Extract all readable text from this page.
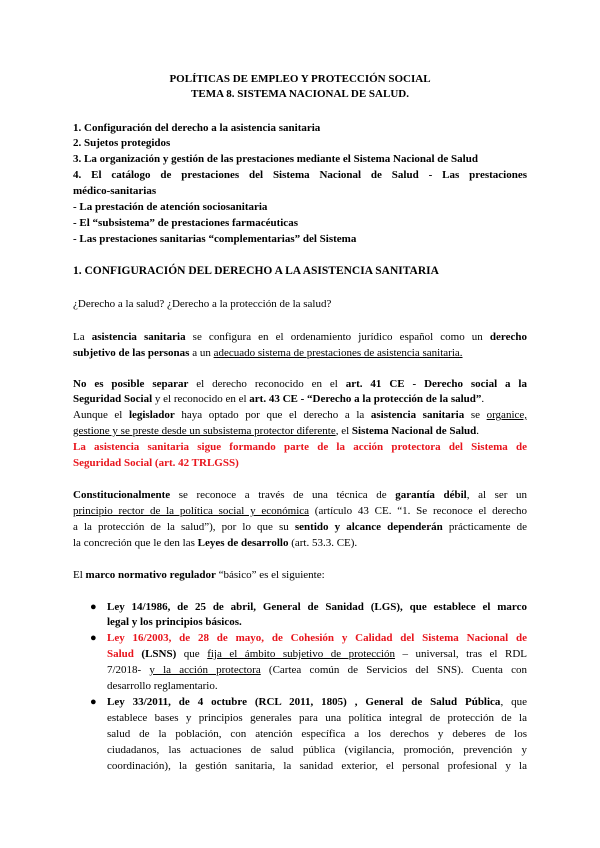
POLÍTICAS DE EMPLEO Y PROTECCIÓN SOCIAL
TEMA 8. SISTEMA NACIONAL DE SALUD.
1. Configuración del derecho a la asistencia sanitaria
2. Sujetos protegidos
3. La organización y gestión de las prestaciones mediante el Sistema Nacional de Salud
4. El catálogo de prestaciones del Sistema Nacional de Salud - Las prestaciones
médico-sanitarias
- La prestación de atención sociosanitaria
- El “subsistema” de prestaciones farmacéuticas
- Las prestaciones sanitarias “complementarias” del Sistema
1. CONFIGURACIÓN DEL DERECHO A LA ASISTENCIA SANITARIA
¿Derecho a la salud? ¿Derecho a la protección de la salud?
La asistencia sanitaria se configura en el ordenamiento jurídico español como un derecho
subjetivo de las personas a un adecuado sistema de prestaciones de asistencia sanitaria.
No es posible separar el derecho reconocido en el art. 41 CE - Derecho social a la
Seguridad Social y el reconocido en el art. 43 CE - “Derecho a la protección de la salud”.
Aunque el legislador haya optado por que el derecho a la asistencia sanitaria se organice,
gestione y se preste desde un subsistema protector diferente, el Sistema Nacional de Salud.
La asistencia sanitaria sigue formando parte de la acción protectora del Sistema de
Seguridad Social (art. 42 TRLGSS)
Constitucionalmente se reconoce a través de una técnica de garantía débil, al ser un
principio rector de la política social y económica (artículo 43 CE. “1. Se reconoce el derecho
a la protección de la salud”), por lo que su sentido y alcance dependerán prácticamente de
la concreción que le den las Leyes de desarrollo (art. 53.3. CE).
El marco normativo regulador “básico” es el siguiente:
● Ley 14/1986, de 25 de abril, General de Sanidad (LGS), que establece el marco
legal y los principios básicos.
● Ley 16/2003, de 28 de mayo, de Cohesión y Calidad del Sistema Nacional de
Salud (LSNS) que fija el ámbito subjetivo de protección – universal, tras el RDL
7/2018- y la acción protectora (Cartea común de Servicios del SNS). Cuenta con
desarrollo reglamentario.
● Ley 33/2011, de 4 octubre (RCL 2011, 1805) , General de Salud Pública, que
establece bases y principios generales para una política integral de protección de la
salud de la población, con atención específica a los derechos y deberes de los
ciudadanos, las actuaciones de salud pública (vigilancia, promoción, prevención y
coordinación), la gestión sanitaria, la sanidad exterior, el personal profesional y la
